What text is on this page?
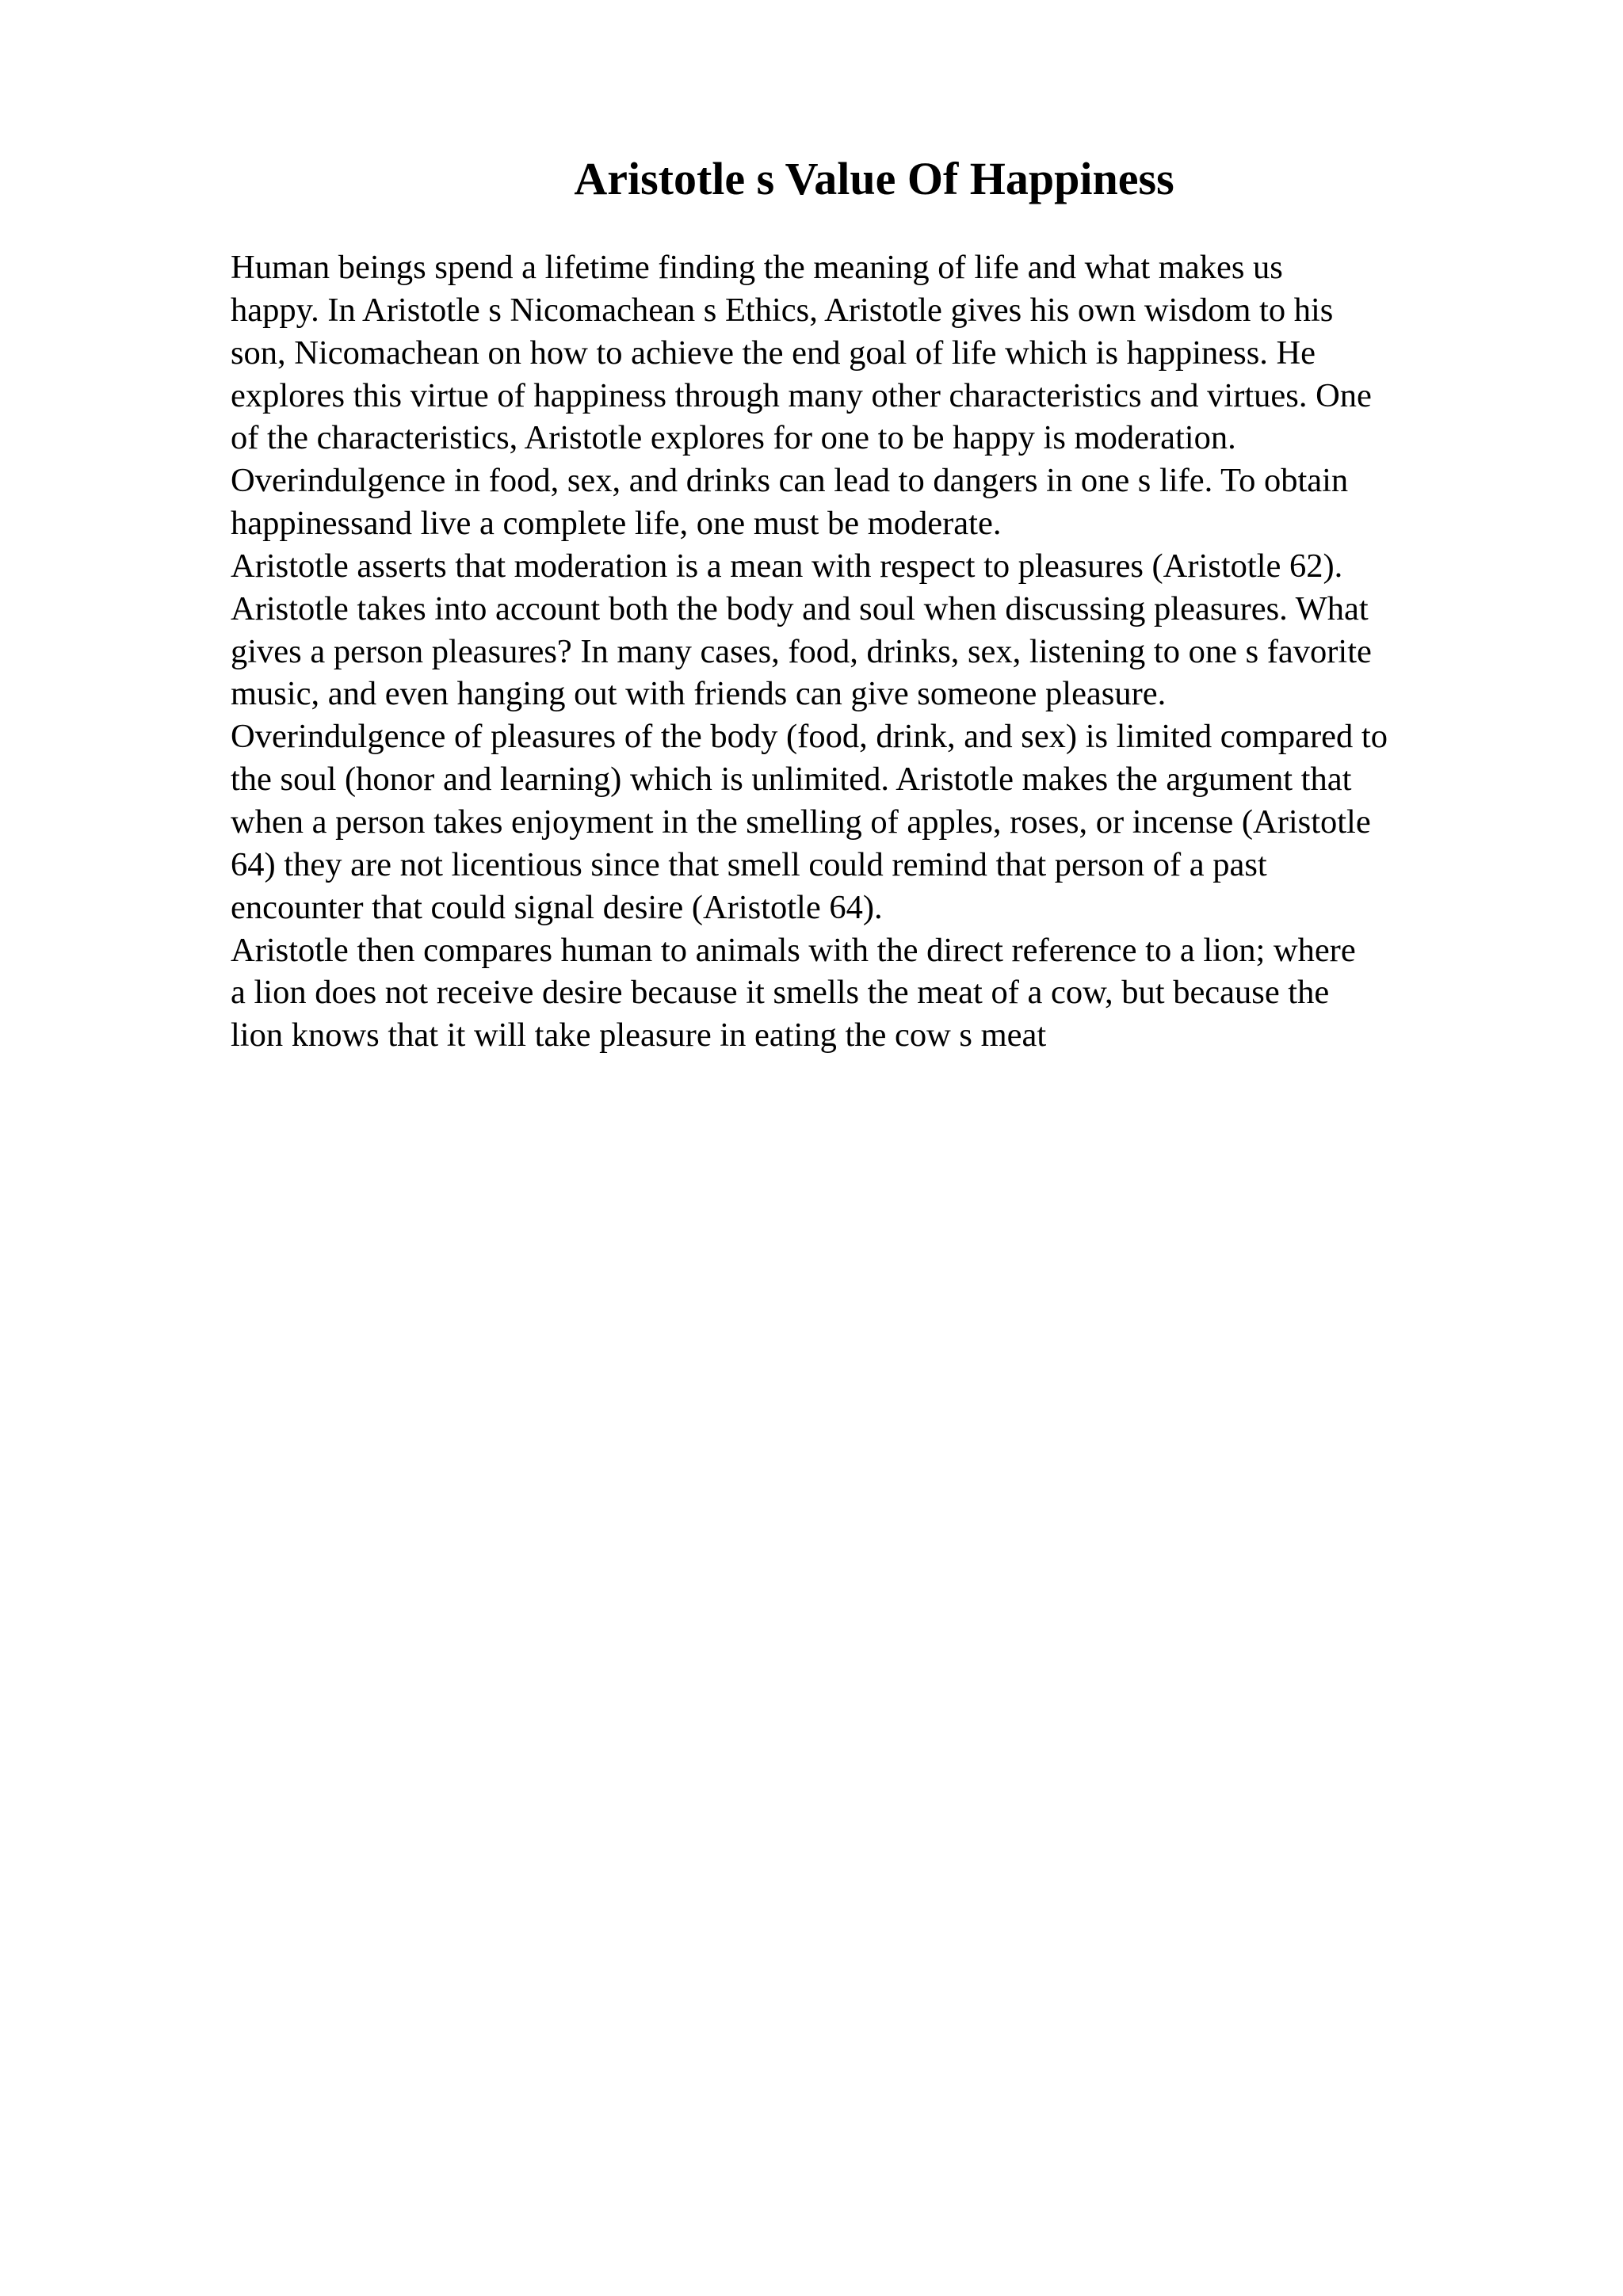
Aristotle s Value Of Happiness
Human beings spend a lifetime finding the meaning of life and what makes us
happy. In Aristotle s Nicomachean s Ethics, Aristotle gives his own wisdom to his
son, Nicomachean on how to achieve the end goal of life which is happiness. He
explores this virtue of happiness through many other characteristics and virtues. One
of the characteristics, Aristotle explores for one to be happy is moderation.
Overindulgence in food, sex, and drinks can lead to dangers in one s life. To obtain
happinessand live a complete life, one must be moderate.
Aristotle asserts that moderation is a mean with respect to pleasures (Aristotle 62).
Aristotle takes into account both the body and soul when discussing pleasures. What
gives a person pleasures? In many cases, food, drinks, sex, listening to one s favorite
music, and even hanging out with friends can give someone pleasure.
Overindulgence of pleasures of the body (food, drink, and sex) is limited compared to
the soul (honor and learning) which is unlimited. Aristotle makes the argument that
when a person takes enjoyment in the smelling of apples, roses, or incense (Aristotle
64) they are not licentious since that smell could remind that person of a past
encounter that could signal desire (Aristotle 64).
Aristotle then compares human to animals with the direct reference to a lion; where
a lion does not receive desire because it smells the meat of a cow, but because the
lion knows that it will take pleasure in eating the cow s meat
